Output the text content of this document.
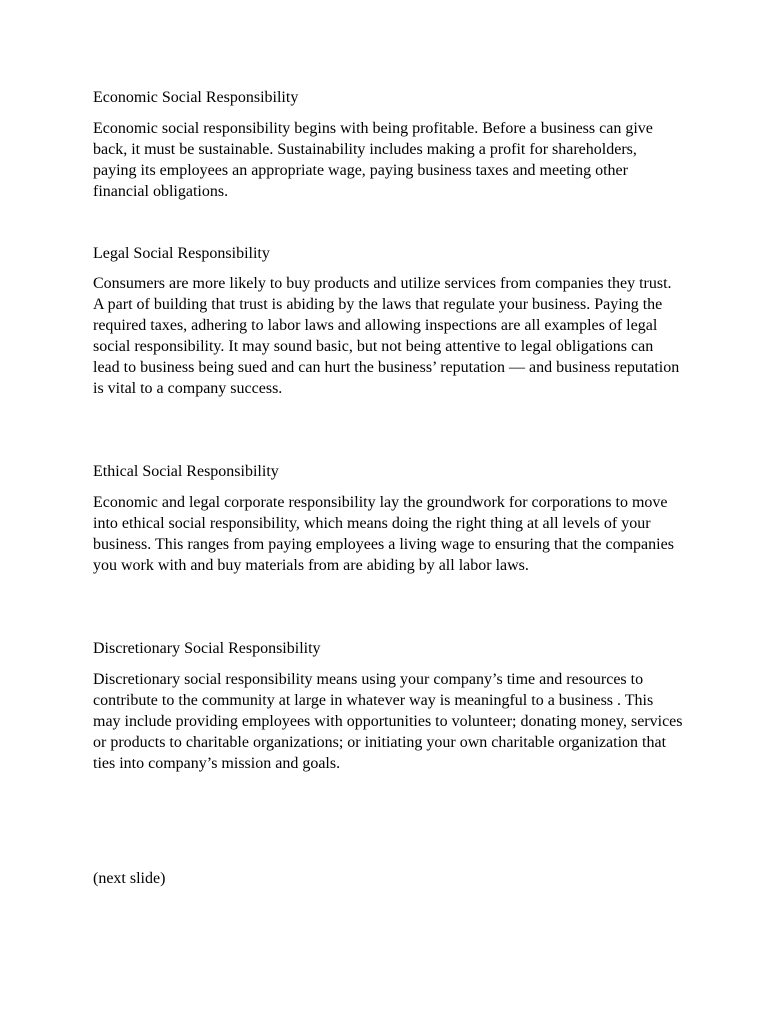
Economic Social Responsibility

Economic social responsibility begins with being profitable. Before a business can give back, it must be sustainable. Sustainability includes making a profit for shareholders, paying its employees an appropriate wage, paying business taxes and meeting other financial obligations.

Legal Social Responsibility

Consumers are more likely to buy products and utilize services from companies they trust. A part of building that trust is abiding by the laws that regulate your business. Paying the required taxes, adhering to labor laws and allowing inspections are all examples of legal social responsibility. It may sound basic, but not being attentive to legal obligations can lead to business being sued and can hurt the business’ reputation — and business reputation is vital to a company success.

Ethical Social Responsibility

Economic and legal corporate responsibility lay the groundwork for corporations to move into ethical social responsibility, which means doing the right thing at all levels of your business. This ranges from paying employees a living wage to ensuring that the companies you work with and buy materials from are abiding by all labor laws.

Discretionary Social Responsibility

Discretionary social responsibility means using your company’s time and resources to contribute to the community at large in whatever way is meaningful to a business . This may include providing employees with opportunities to volunteer; donating money, services or products to charitable organizations; or initiating your own charitable organization that ties into company’s mission and goals.

(next slide)
